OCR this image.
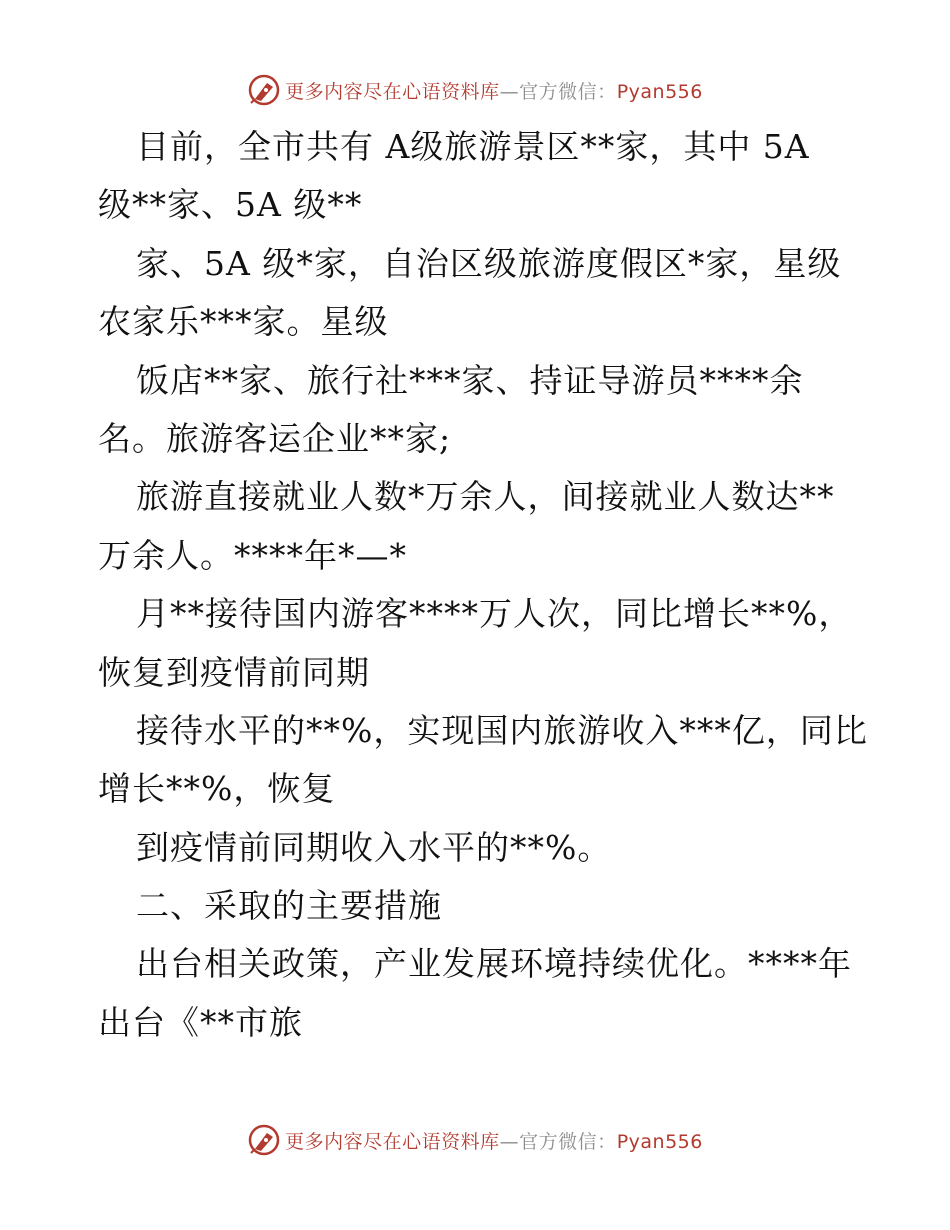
更多内容尽在心语资料库—官方微信：Pyan556
目前，全市共有 A级旅游景区**家，其中 5A
级**家、5A 级**
家、5A 级*家，自治区级旅游度假区*家，星级
农家乐***家。星级
饭店**家、旅行社***家、持证导游员****余
名。旅游客运企业**家;
旅游直接就业人数*万余人，间接就业人数达**
万余人。****年*—*
月**接待国内游客****万人次，同比增长**%，
恢复到疫情前同期
接待水平的**%，实现国内旅游收入***亿，同比
增长**%，恢复
到疫情前同期收入水平的**%。
二、采取的主要措施
出台相关政策，产业发展环境持续优化。****年
出台《**市旅
更多内容尽在心语资料库—官方微信：Pyan556
